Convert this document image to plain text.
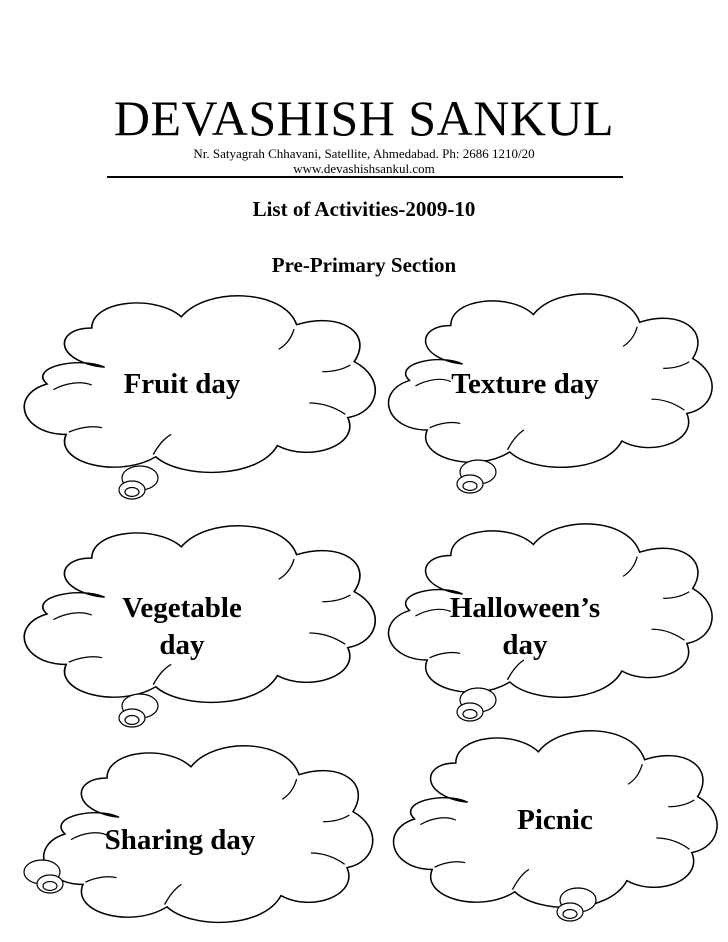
DEVASHISH SANKUL
Nr. Satyagrah Chhavani, Satellite, Ahmedabad. Ph: 2686 1210/20
www.devashishsankul.com
List of Activities-2009-10
Pre-Primary Section
Fruit day	Texture day
Vegetable
day
Halloween’s
day
Sharing day
Picnic
